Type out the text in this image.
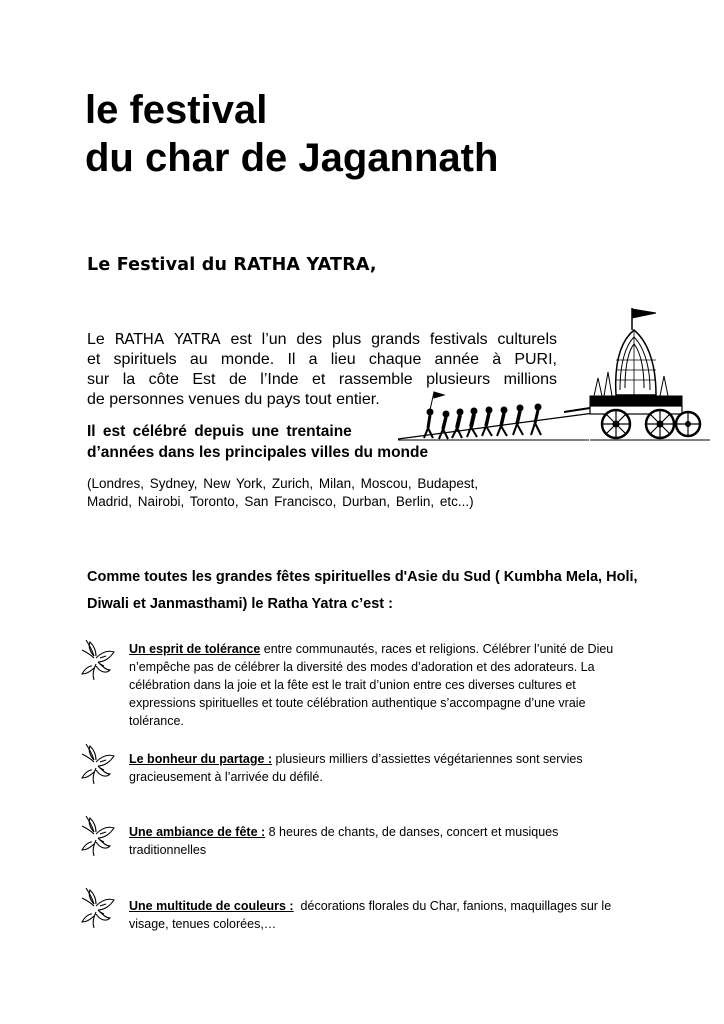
le festival
du char de Jagannath
Le Festival du RATHA YATRA,

Le RATHA YATRA est l’un des plus grands festivals culturels

et spirituels au monde. Il a lieu chaque année à PURI,

sur la côte Est de l’Inde et rassemble plusieurs millions

de personnes venues du pays tout entier.

Il est célébré depuis une trentaine

d’années dans les principales villes du monde

(Londres, Sydney, New York, Zurich, Milan, Moscou, Budapest,

Madrid, Nairobi, Toronto, San Francisco, Durban, Berlin, etc...)

Comme toutes les grandes fêtes spirituelles d'Asie du Sud ( Kumbha Mela, Holi,

Diwali et Janmasthami) le Ratha Yatra c’est :

Un esprit de tolérance entre communautés, races et religions. Célébrer l’unité de Dieu

n’empêche pas de célébrer la diversité des modes d’adoration et des adorateurs. La

célébration dans la joie et la fête est le trait d’union entre ces diverses cultures et

expressions spirituelles et toute célébration authentique s’accompagne d’une vraie

tolérance.

Le bonheur du partage : plusieurs milliers d’assiettes végétariennes sont servies

gracieusement à l’arrivée du défilé.

Une ambiance de fête : 8 heures de chants, de danses, concert et musiques

traditionnelles

Une multitude de couleurs :  décorations florales du Char, fanions, maquillages sur le

visage, tenues colorées,…
